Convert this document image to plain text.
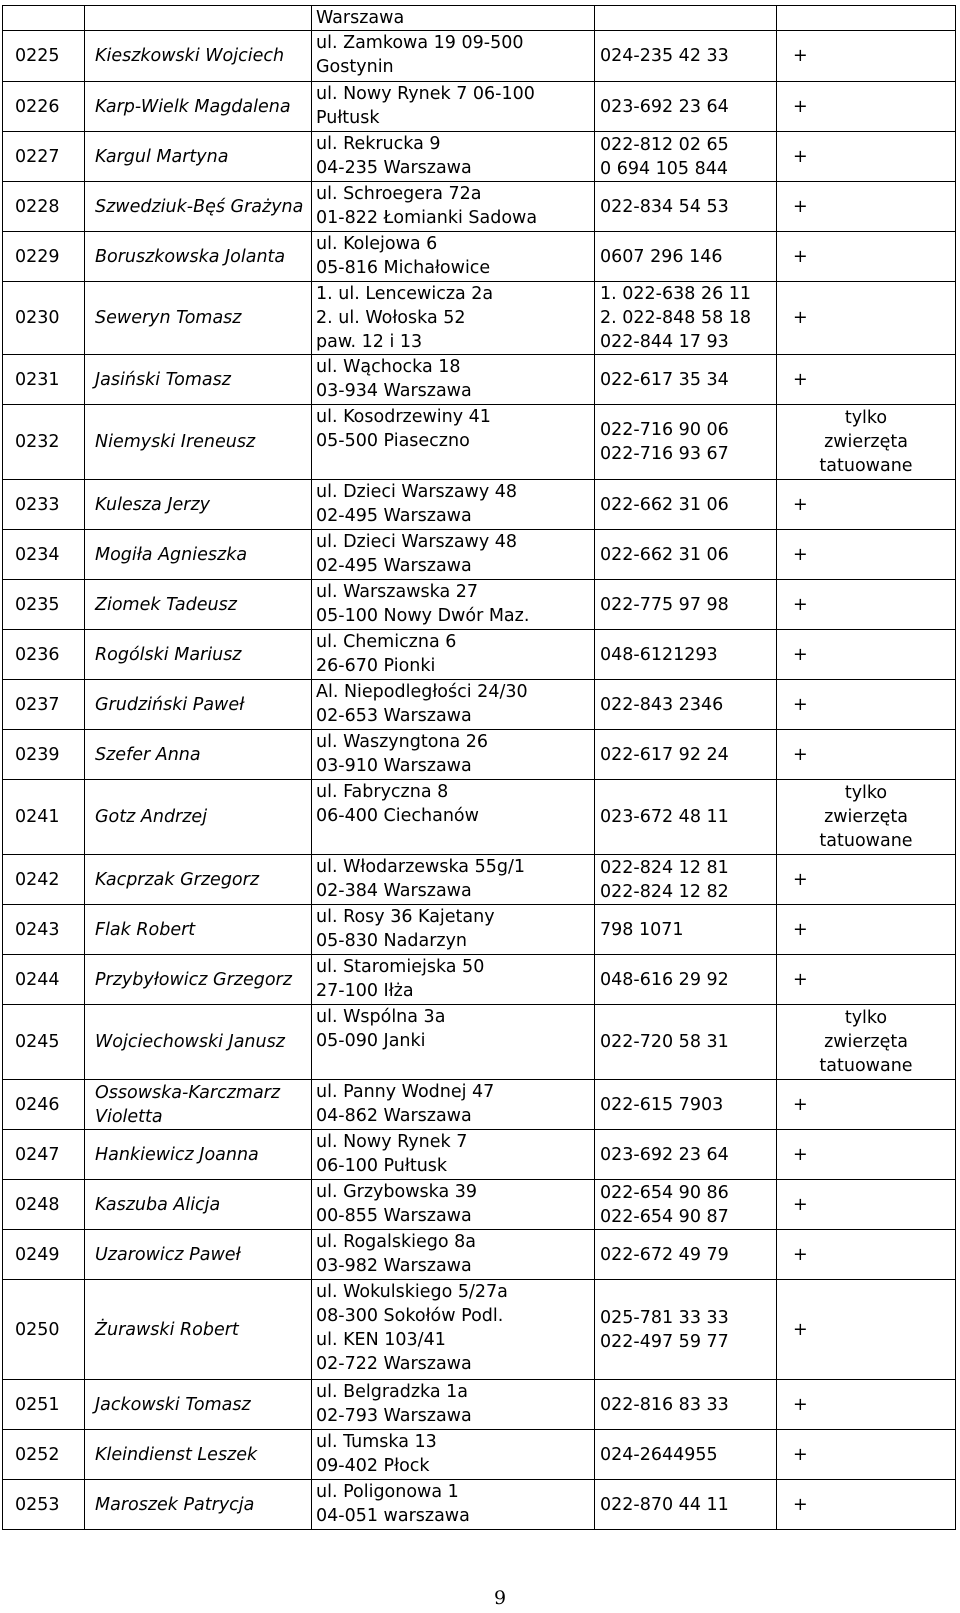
		Warszawa		
0225	Kieszkowski Wojciech	ul. Zamkowa 19 09-500
Gostynin	024-235 42 33	+
0226	Karp-Wielk Magdalena	ul. Nowy Rynek 7 06-100
Pułtusk	023-692 23 64	+
0227	Kargul Martyna	ul. Rekrucka 9
04-235 Warszawa	022-812 02 65
0 694 105 844	+
0228	Szwedziuk-Bęś Grażyna	ul. Schroegera 72a
01-822 Łomianki Sadowa	022-834 54 53	+
0229	Boruszkowska Jolanta	ul. Kolejowa 6
05-816 Michałowice	0607 296 146	+
0230	Seweryn Tomasz	1. ul. Lencewicza 2a
2. ul. Wołoska 52
paw. 12 i 13	1. 022-638 26 11
2. 022-848 58 18
022-844 17 93	+
0231	Jasiński Tomasz	ul. Wąchocka 18
03-934 Warszawa	022-617 35 34	+
0232	Niemyski Ireneusz	ul. Kosodrzewiny 41
05-500 Piaseczno	022-716 90 06
022-716 93 67	tylko
zwierzęta
tatuowane
0233	Kulesza Jerzy	ul. Dzieci Warszawy 48
02-495 Warszawa	022-662 31 06	+
0234	Mogiła Agnieszka	ul. Dzieci Warszawy 48
02-495 Warszawa	022-662 31 06	+
0235	Ziomek Tadeusz	ul. Warszawska 27
05-100 Nowy Dwór Maz.	022-775 97 98	+
0236	Rogólski Mariusz	ul. Chemiczna 6
26-670 Pionki	048-6121293	+
0237	Grudziński Paweł	Al. Niepodległości 24/30
02-653 Warszawa	022-843 2346	+
0239	Szefer Anna	ul. Waszyngtona 26
03-910 Warszawa	022-617 92 24	+
0241	Gotz Andrzej	ul. Fabryczna 8
06-400 Ciechanów	023-672 48 11	tylko
zwierzęta
tatuowane
0242	Kacprzak Grzegorz	ul. Włodarzewska 55g/1
02-384 Warszawa	022-824 12 81
022-824 12 82	+
0243	Flak Robert	ul. Rosy 36 Kajetany
05-830 Nadarzyn	798 1071	+
0244	Przybyłowicz Grzegorz	ul. Staromiejska 50
27-100 Iłża	048-616 29 92	+
0245	Wojciechowski Janusz	ul. Wspólna 3a
05-090 Janki	022-720 58 31	tylko
zwierzęta
tatuowane
0246	Ossowska-Karczmarz Violetta	ul. Panny Wodnej 47
04-862 Warszawa	022-615 7903	+
0247	Hankiewicz Joanna	ul. Nowy Rynek 7
06-100 Pułtusk	023-692 23 64	+
0248	Kaszuba Alicja	ul. Grzybowska 39
00-855 Warszawa	022-654 90 86
022-654 90 87	+
0249	Uzarowicz Paweł	ul. Rogalskiego 8a
03-982 Warszawa	022-672 49 79	+
0250	Żurawski Robert	ul. Wokulskiego 5/27a
08-300 Sokołów Podl.
ul. KEN 103/41
02-722 Warszawa	025-781 33 33
022-497 59 77	+
0251	Jackowski Tomasz	ul. Belgradzka 1a
02-793 Warszawa	022-816 83 33	+
0252	Kleindienst Leszek	ul. Tumska 13
09-402 Płock	024-2644955	+
0253	Maroszek Patrycja	ul. Poligonowa 1
04-051 warszawa	022-870 44 11	+
9
